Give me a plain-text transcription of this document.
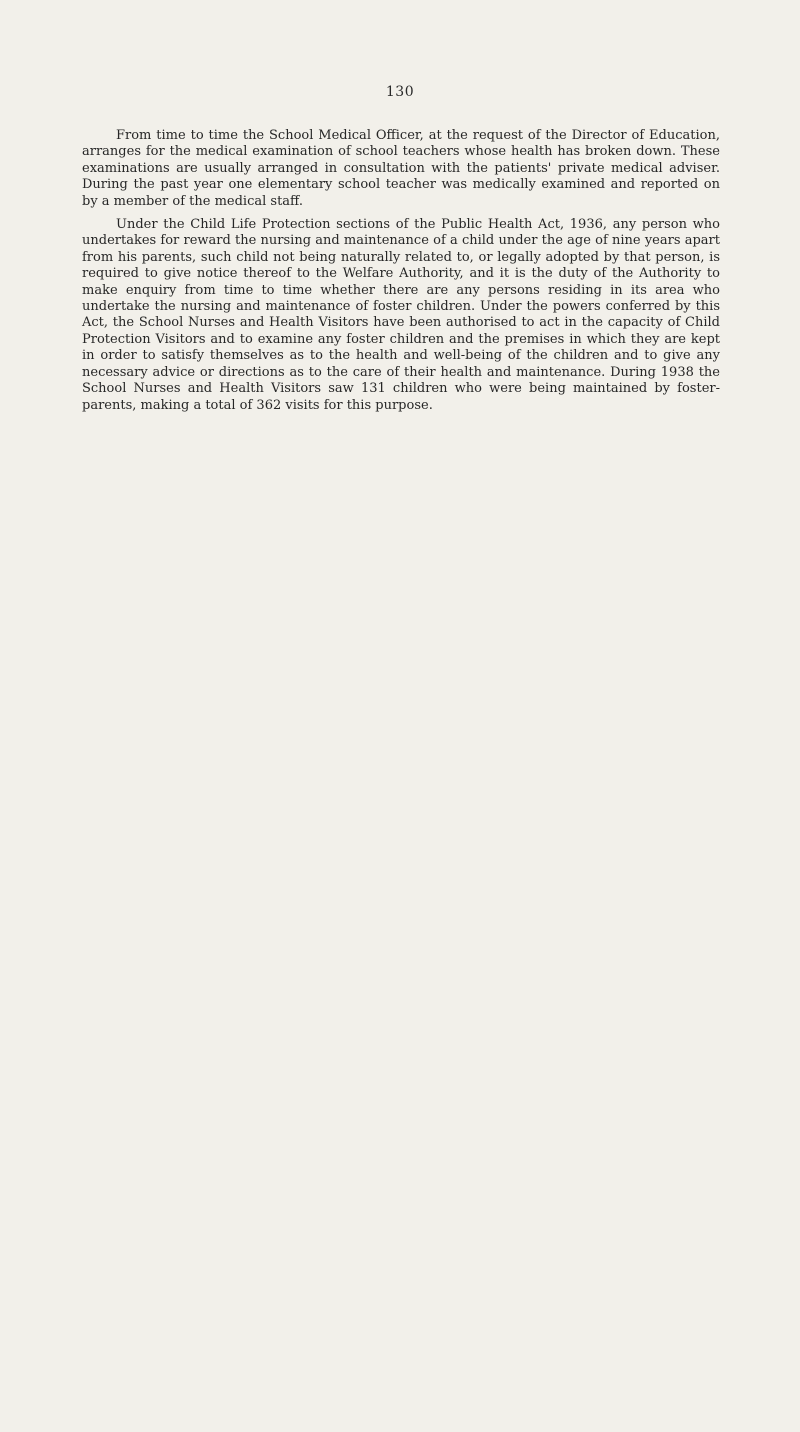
130

From time to time the School Medical Officer, at the request of the Director of Education, arranges for the medical examination of school teachers whose health has broken down. These examinations are usually arranged in consultation with the patients' private medical adviser. During the past year one elementary school teacher was medically examined and reported on by a member of the medical staff.

Under the Child Life Protection sections of the Public Health Act, 1936, any person who undertakes for reward the nursing and maintenance of a child under the age of nine years apart from his parents, such child not being naturally related to, or legally adopted by that person, is required to give notice thereof to the Welfare Authority, and it is the duty of the Authority to make enquiry from time to time whether there are any persons residing in its area who undertake the nursing and maintenance of foster children. Under the powers conferred by this Act, the School Nurses and Health Visitors have been authorised to act in the capacity of Child Protection Visitors and to examine any foster children and the premises in which they are kept in order to satisfy themselves as to the health and well-being of the children and to give any necessary advice or directions as to the care of their health and maintenance. During 1938 the School Nurses and Health Visitors saw 131 children who were being maintained by foster-parents, making a total of 362 visits for this purpose.
